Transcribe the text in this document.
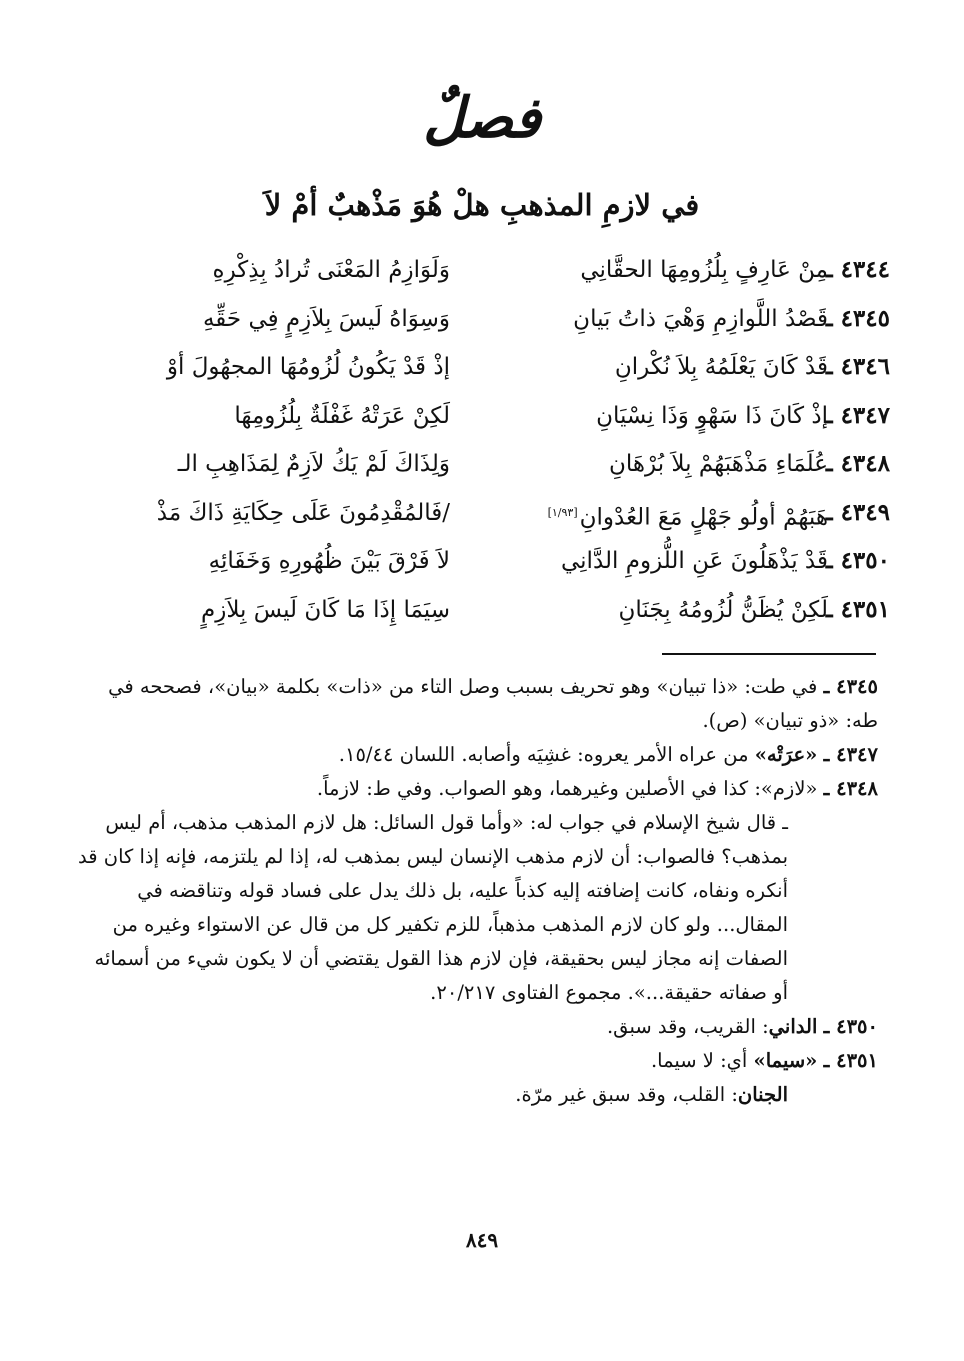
فصلٌ
في لازمِ المذهبِ هلْ هُوَ مَذْهبٌ أمْ لاَ
٤٣٤٤ ـ
وَلَوَازِمُ المَعْنَى تُرادُ بِذِكْرِهِ	مِنْ عَارِفٍ بِلُزُومِهَا الحقَّانِي
٤٣٤٥ ـ
وَسِوَاهُ لَيسَ بِلاَزِمٍ فِي حَقِّهِ	قَصْدُ اللَّوازِمِ وَهْيَ ذاتُ بَيانِ
٤٣٤٦ ـ
إذْ قَدْ يَكُونُ لُزُومُهَا المجهُولَ أوْ	قَدْ كَانَ يَعْلَمُهُ بِلاَ نُكْرانِ
٤٣٤٧ ـ
لَكِنْ عَرَتْهُ غَفْلَةٌ بِلُزُومِهَا	إذْ كَانَ ذَا سَهْوٍ وَذَا نِسْيَانِ
٤٣٤٨ ـ
وَلِذَاكَ لَمْ يَكُ لاَزِمٌ لِمَذَاهِبِ الـ	عُلَمَاءِ مَذْهَبَهُمْ بِلاَ بُرْهَانِ
٤٣٤٩ ـ
/فَالمُقْدِمُونَ عَلَى حِكَايَةِ ذَاكَ مَذْ	هَبَهُمْ أولُو جَهْلٍ مَعَ العُدْوانِ[١/٩٣]
٤٣٥٠ ـ
لاَ فَرْقَ بَيْنَ ظُهُورِهِ وَخَفَائِهِ	قَدْ يَذْهَلُونَ عَنِ اللُّزومِ الدَّانِي
٤٣٥١ ـ
سِيَمَا إِذَا مَا كَانَ لَيسَ بِلاَزِمٍ	لَكِنْ يُظَنُّ لُزُومُهُ بِجَنَانِ

٤٣٤٥ ـ في طت: «ذا تبيان» وهو تحريف بسبب وصل التاء من «ذات» بكلمة «بيان»، فصححه في طه: «ذو تبيان» (ص).

٤٣٤٧ ـ «عرَتْه» من عراه الأمر يعروه: غشِيَه وأصابه. اللسان ١٥/٤٤.

٤٣٤٨ ـ «لازم»: كذا في الأصلين وغيرهما، وهو الصواب. وفي ط: لازماً.

ـ قال شيخ الإسلام في جواب له: «وأما قول السائل: هل لازم المذهب مذهب، أم ليس بمذهب؟ فالصواب: أن لازم مذهب الإنسان ليس بمذهب له، إذا لم يلتزمه، فإنه إذا كان قد أنكره ونفاه، كانت إضافته إليه كذباً عليه، بل ذلك يدل على فساد قوله وتناقضه في المقال... ولو كان لازم المذهب مذهباً، للزم تكفير كل من قال عن الاستواء وغيره من الصفات إنه مجاز ليس بحقيقة، فإن لازم هذا القول يقتضي أن لا يكون شيء من أسمائه أو صفاته حقيقة...». مجموع الفتاوى ٢٠/٢١٧.

٤٣٥٠ ـ الداني: القريب، وقد سبق.

٤٣٥١ ـ «سيما» أي: لا سيما.

الجنان: القلب، وقد سبق غير مرّة.

٨٤٩
